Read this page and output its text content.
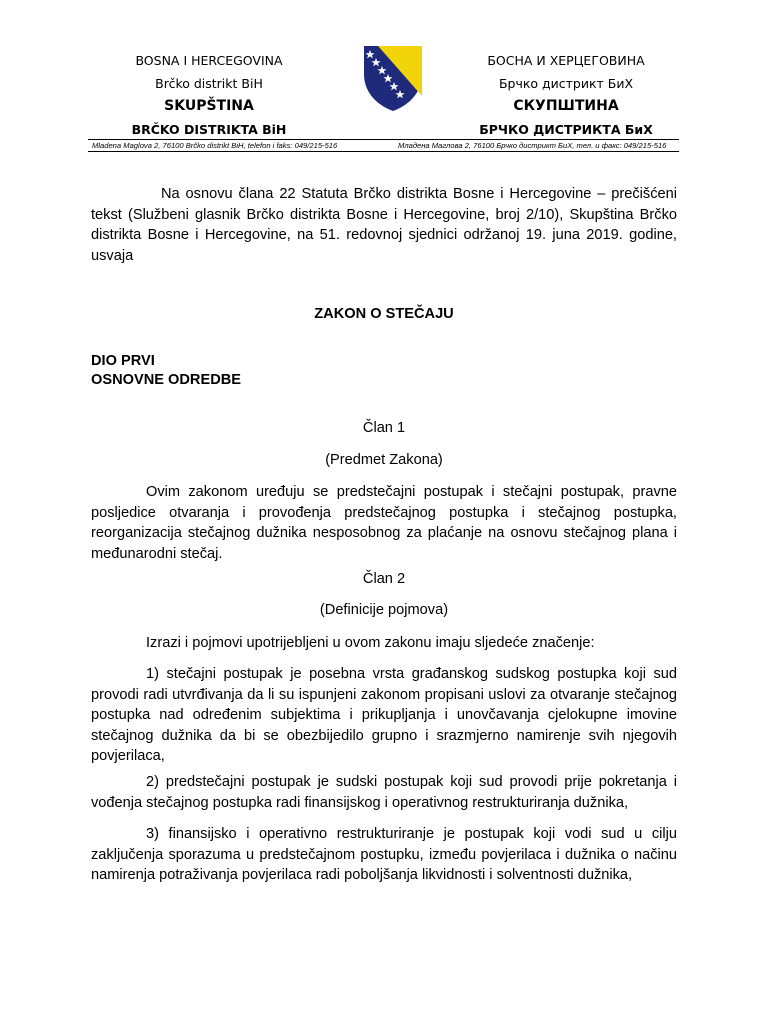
BOSNA I HERCEGOVINA
Brčko distrikt BiH
SKUPŠTINA
BRČKO DISTRIKTA BiH
БОСНА И ХЕРЦЕГОВИНА
Брчко дистрикт БиХ
СКУПШТИНА
БРЧКО ДИСТРИКТА БиХ
Mladena Maglova 2, 76100 Brčko distrikt BiH, telefon i faks: 049/215-516	Младена Маглова 2, 76100 Брчко дистрикт БиХ, тел. и факс: 049/215-516

Na osnovu člana 22 Statuta Brčko distrikta Bosne i Hercegovine – prečišćeni tekst (Službeni glasnik Brčko distrikta Bosne i Hercegovine, broj 2/10), Skupština Brčko distrikta Bosne i Hercegovine, na 51. redovnoj sjednici održanoj 19. juna 2019. godine, usvaja

ZAKON O STEČAJU
DIO PRVI
OSNOVNE ODREDBE
Član 1
(Predmet Zakona)

Ovim zakonom uređuju se predstečajni postupak i stečajni postupak, pravne posljedice otvaranja i provođenja predstečajnog postupka i stečajnog postupka, reorganizacija stečajnog dužnika nesposobnog za plaćanje na osnovu stečajnog plana i međunarodni stečaj.

Član 2
(Definicije pojmova)

Izrazi i pojmovi upotrijebljeni u ovom zakonu imaju sljedeće značenje:

1) stečajni postupak je posebna vrsta građanskog sudskog postupka koji sud provodi radi utvrđivanja da li su ispunjeni zakonom propisani uslovi za otvaranje stečajnog postupka nad određenim subjektima i prikupljanja i unovčavanja cjelokupne imovine stečajnog dužnika da bi se obezbijedilo grupno i srazmjerno namirenje svih njegovih povjerilaca,

2) predstečajni postupak je sudski postupak koji sud provodi prije pokretanja i vođenja stečajnog postupka radi finansijskog i operativnog restrukturiranja dužnika,

3) finansijsko i operativno restrukturiranje je postupak koji vodi sud u cilju zaključenja sporazuma u predstečajnom postupku, između povjerilaca i dužnika o načinu namirenja potraživanja povjerilaca radi poboljšanja likvidnosti i solventnosti dužnika,
